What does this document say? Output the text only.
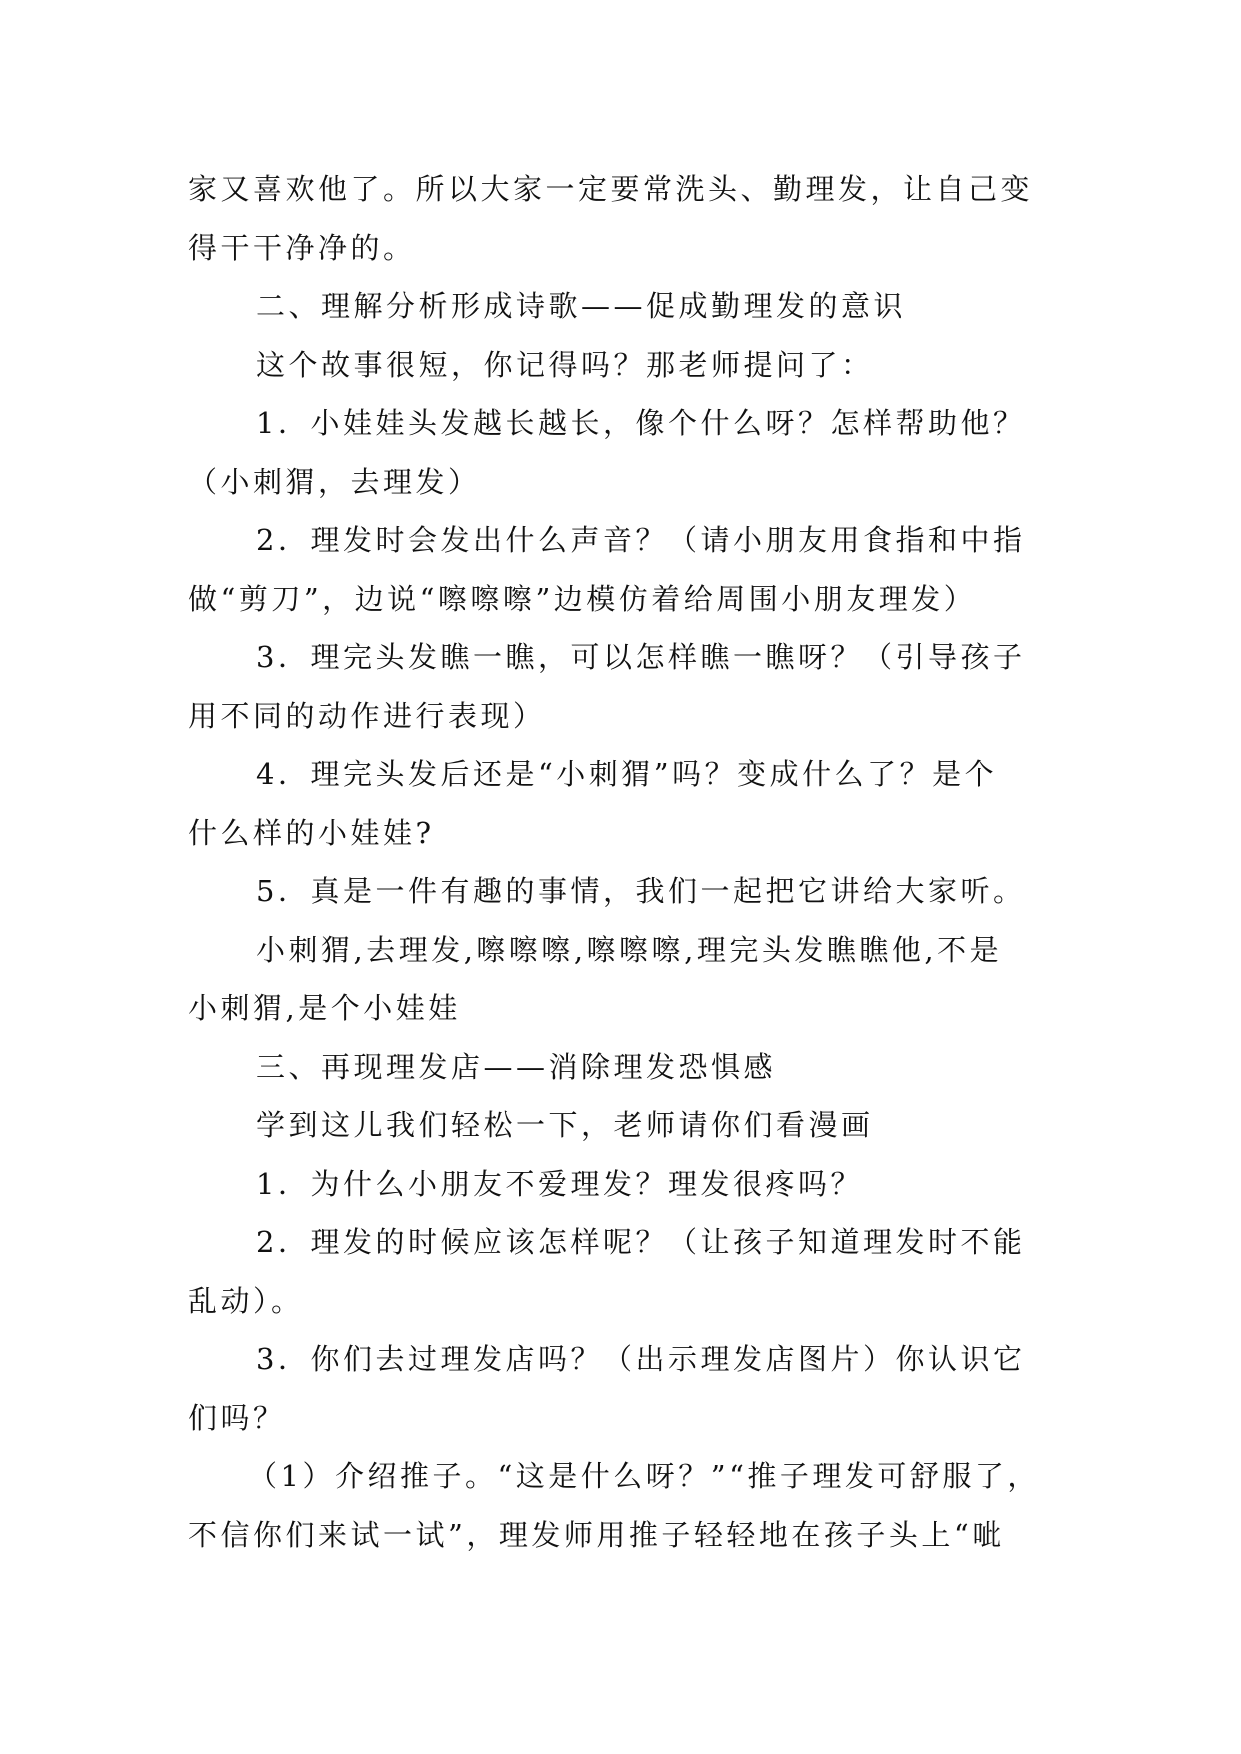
家又喜欢他了。所以大家一定要常洗头、勤理发，让自己变
得干干净净的。
二、理解分析形成诗歌——促成勤理发的意识
这个故事很短，你记得吗？那老师提问了：
1．小娃娃头发越长越长，像个什么呀？怎样帮助他？
（小刺猬，去理发）
2．理发时会发出什么声音？（请小朋友用食指和中指
做“剪刀”，边说“嚓嚓嚓”边模仿着给周围小朋友理发）
3．理完头发瞧一瞧，可以怎样瞧一瞧呀？（引导孩子
用不同的动作进行表现）
4．理完头发后还是“小刺猬”吗？变成什么了？是个
什么样的小娃娃?
5．真是一件有趣的事情，我们一起把它讲给大家听。
小刺猬,去理发,嚓嚓嚓,嚓嚓嚓,理完头发瞧瞧他,不是
小刺猬,是个小娃娃
三、再现理发店——消除理发恐惧感
学到这儿我们轻松一下，老师请你们看漫画
1．为什么小朋友不爱理发？理发很疼吗？
2．理发的时候应该怎样呢？（让孩子知道理发时不能
乱动）。
3．你们去过理发店吗？（出示理发店图片）你认识它
们吗？
（1）介绍推子。“这是什么呀？”“推子理发可舒服了，
不信你们来试一试”，理发师用推子轻轻地在孩子头上“呲
